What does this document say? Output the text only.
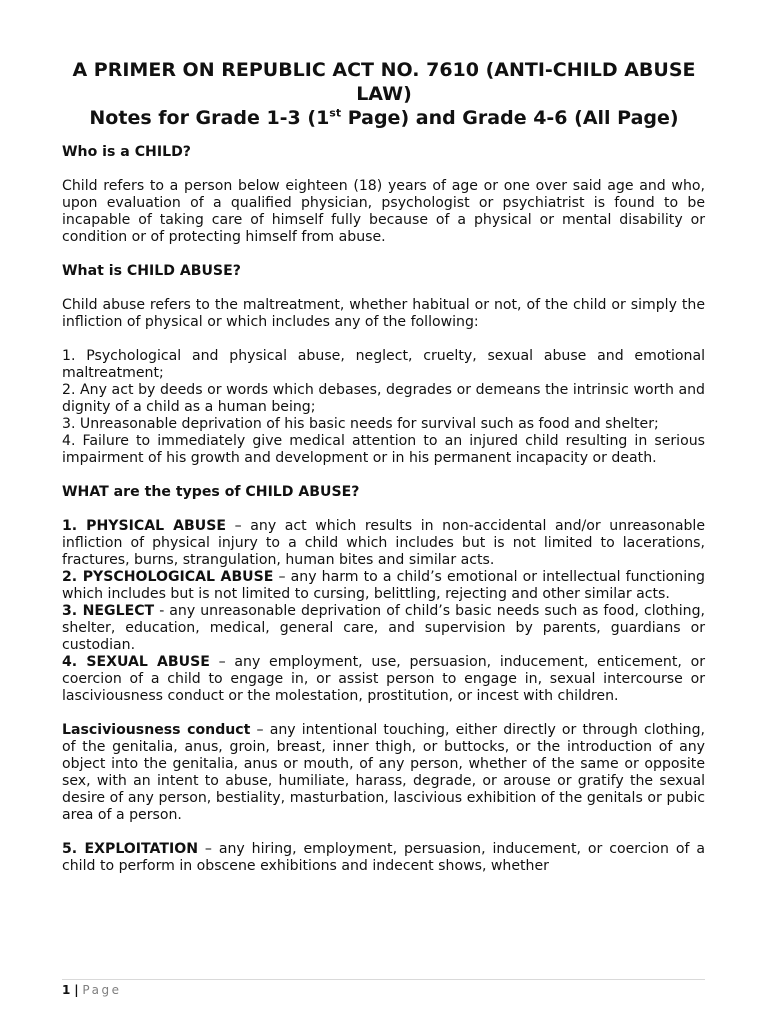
A PRIMER ON REPUBLIC ACT NO. 7610 (ANTI-CHILD ABUSE LAW)
Notes for Grade 1-3 (1st Page) and Grade 4-6 (All Page)

Who is a CHILD?

Child refers to a person below eighteen (18) years of age or one over said age and who, upon evaluation of a qualified physician, psychologist or psychiatrist is found to be incapable of taking care of himself fully because of a physical or mental disability or condition or of protecting himself from abuse.

What is CHILD ABUSE?

Child abuse refers to the maltreatment, whether habitual or not, of the child or simply the infliction of physical or which includes any of the following:

1. Psychological and physical abuse, neglect, cruelty, sexual abuse and emotional maltreatment;

2. Any act by deeds or words which debases, degrades or demeans the intrinsic worth and dignity of a child as a human being;

3. Unreasonable deprivation of his basic needs for survival such as food and shelter;

4. Failure to immediately give medical attention to an injured child resulting in serious impairment of his growth and development or in his permanent incapacity or death.

WHAT are the types of CHILD ABUSE?

1. PHYSICAL ABUSE – any act which results in non-accidental and/or unreasonable infliction of physical injury to a child which includes but is not limited to lacerations, fractures, burns, strangulation, human bites and similar acts.

2. PYSCHOLOGICAL ABUSE – any harm to a child’s emotional or intellectual functioning which includes but is not limited to cursing, belittling, rejecting and other similar acts.

3. NEGLECT - any unreasonable deprivation of child’s basic needs such as food, clothing, shelter, education, medical, general care, and supervision by parents, guardians or custodian.

4. SEXUAL ABUSE – any employment, use, persuasion, inducement, enticement, or coercion of a child to engage in, or assist person to engage in, sexual intercourse or lasciviousness conduct or the molestation, prostitution, or incest with children.

Lasciviousness conduct – any intentional touching, either directly or through clothing, of the genitalia, anus, groin, breast, inner thigh, or buttocks, or the introduction of any object into the genitalia, anus or mouth, of any person, whether of the same or opposite sex, with an intent to abuse, humiliate, harass, degrade, or arouse or gratify the sexual desire of any person, bestiality, masturbation, lascivious exhibition of the genitals or pubic area of a person.

5. EXPLOITATION – any hiring, employment, persuasion, inducement, or coercion of a child to perform in obscene exhibitions and indecent shows, whether

1 | Page
